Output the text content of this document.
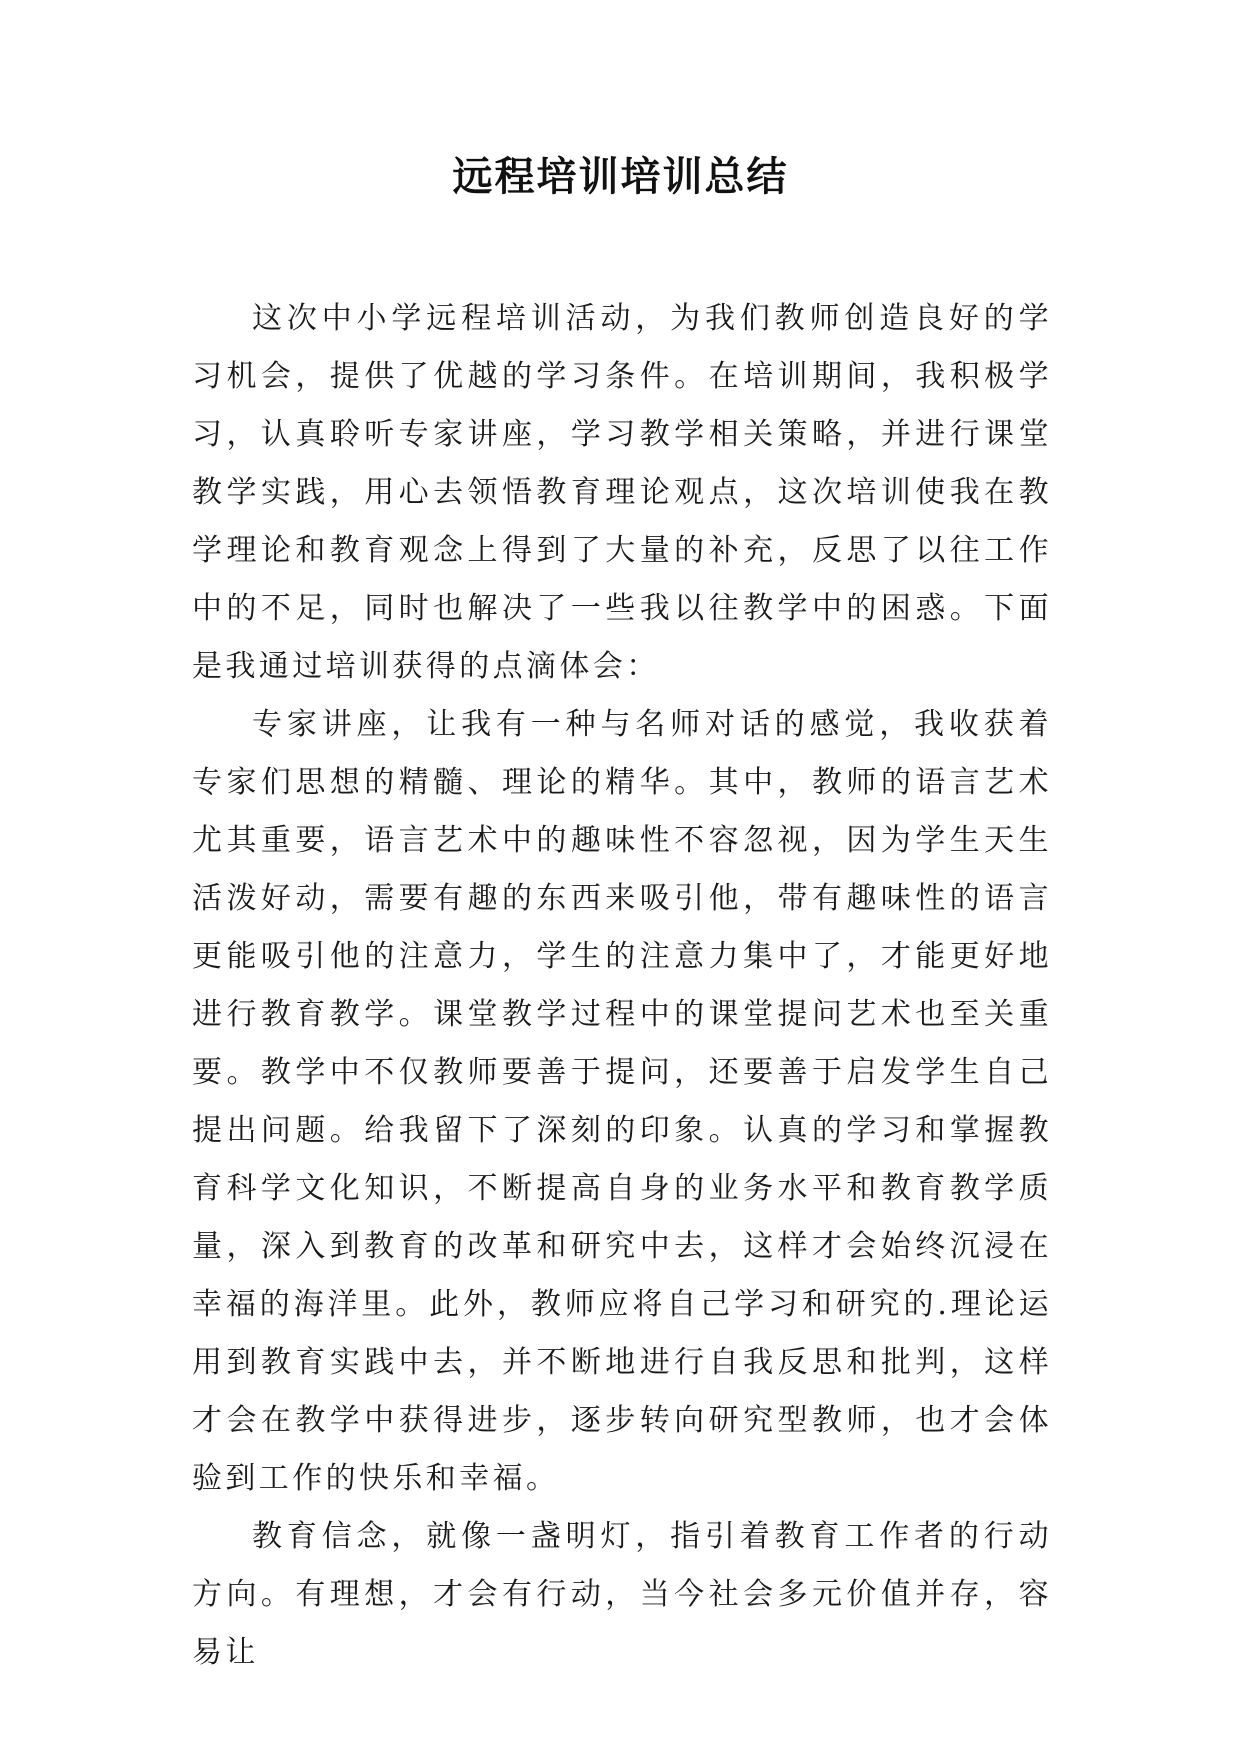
远程培训培训总结

这次中小学远程培训活动，为我们教师创造良好的学习机会，提供了优越的学习条件。在培训期间，我积极学习，认真聆听专家讲座，学习教学相关策略，并进行课堂教学实践，用心去领悟教育理论观点，这次培训使我在教学理论和教育观念上得到了大量的补充，反思了以往工作中的不足，同时也解决了一些我以往教学中的困惑。下面是我通过培训获得的点滴体会：

专家讲座，让我有一种与名师对话的感觉，我收获着专家们思想的精髓、理论的精华。其中，教师的语言艺术尤其重要，语言艺术中的趣味性不容忽视，因为学生天生活泼好动，需要有趣的东西来吸引他，带有趣味性的语言更能吸引他的注意力，学生的注意力集中了，才能更好地进行教育教学。课堂教学过程中的课堂提问艺术也至关重要。教学中不仅教师要善于提问，还要善于启发学生自己提出问题。给我留下了深刻的印象。认真的学习和掌握教育科学文化知识，不断提高自身的业务水平和教育教学质量，深入到教育的改革和研究中去，这样才会始终沉浸在幸福的海洋里。此外，教师应将自己学习和研究的.理论运用到教育实践中去，并不断地进行自我反思和批判，这样才会在教学中获得进步，逐步转向研究型教师，也才会体验到工作的快乐和幸福。

教育信念，就像一盏明灯，指引着教育工作者的行动方向。有理想，才会有行动，当今社会多元价值并存，容易让
